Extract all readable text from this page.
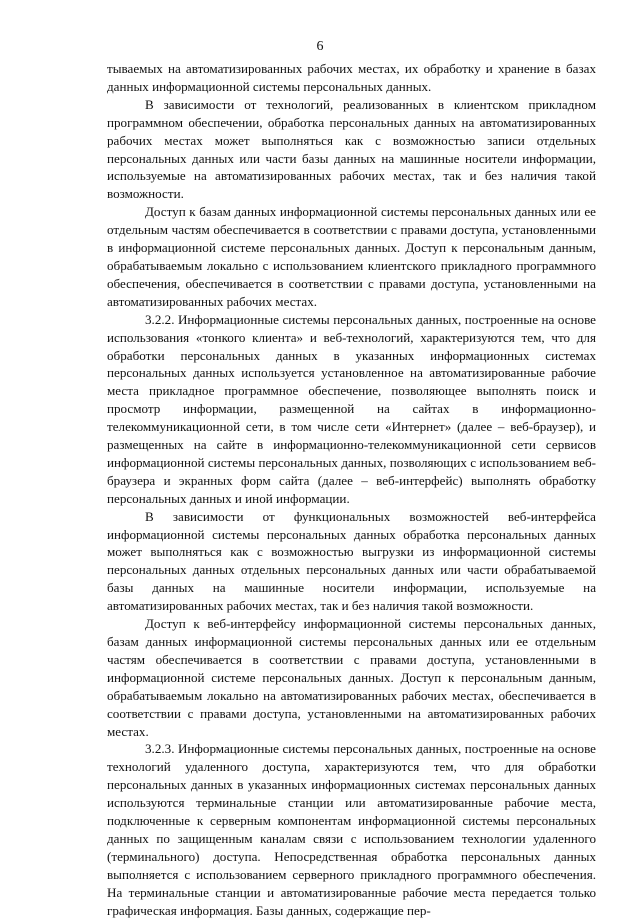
6

тываемых на автоматизированных рабочих местах, их обработку и хранение в базах данных информационной системы персональных данных.

В зависимости от технологий, реализованных в клиентском прикладном программном обеспечении, обработка персональных данных на автоматизированных рабочих местах может выполняться как с возможностью записи отдельных персональных данных или части базы данных на машинные носители информации, используемые на автоматизированных рабочих местах, так и без наличия такой возможности.

Доступ к базам данных информационной системы персональных данных или ее отдельным частям обеспечивается в соответствии с правами доступа, установленными в информационной системе персональных данных. Доступ к персональным данным, обрабатываемым локально с использованием клиентского прикладного программного обеспечения, обеспечивается в соответствии с правами доступа, установленными на автоматизированных рабочих местах.

3.2.2. Информационные системы персональных данных, построенные на основе использования «тонкого клиента» и веб-технологий, характеризуются тем, что для обработки персональных данных в указанных информационных системах персональных данных используется установленное на автоматизированные рабочие места прикладное программное обеспечение, позволяющее выполнять поиск и просмотр информации, размещенной на сайтах в информационно-телекоммуникационной сети, в том числе сети «Интернет» (далее – веб-браузер), и размещенных на сайте в информационно-телекоммуникационной сети сервисов информационной системы персональных данных, позволяющих с использованием веб-браузера и экранных форм сайта (далее – веб-интерфейс) выполнять обработку персональных данных и иной информации.

В зависимости от функциональных возможностей веб-интерфейса информационной системы персональных данных обработка персональных данных может выполняться как с возможностью выгрузки из информационной системы персональных данных отдельных персональных данных или части обрабатываемой базы данных на машинные носители информации, используемые на автоматизированных рабочих местах, так и без наличия такой возможности.

Доступ к веб-интерфейсу информационной системы персональных данных, базам данных информационной системы персональных данных или ее отдельным частям обеспечивается в соответствии с правами доступа, установленными в информационной системе персональных данных. Доступ к персональным данным, обрабатываемым локально на автоматизированных рабочих местах, обеспечивается в соответствии с правами доступа, установленными на автоматизированных рабочих местах.

3.2.3. Информационные системы персональных данных, построенные на основе технологий удаленного доступа, характеризуются тем, что для обработки персональных данных в указанных информационных системах персональных данных используются терминальные станции или автоматизированные рабочие места, подключенные к серверным компонентам информационной системы персональных данных по защищенным каналам связи с использованием технологии удаленного (терминального) доступа. Непосредственная обработка персональных данных выполняется с использованием серверного прикладного программного обеспечения. На терминальные станции и автоматизированные рабочие места передается только графическая информация. Базы данных, содержащие пер-
